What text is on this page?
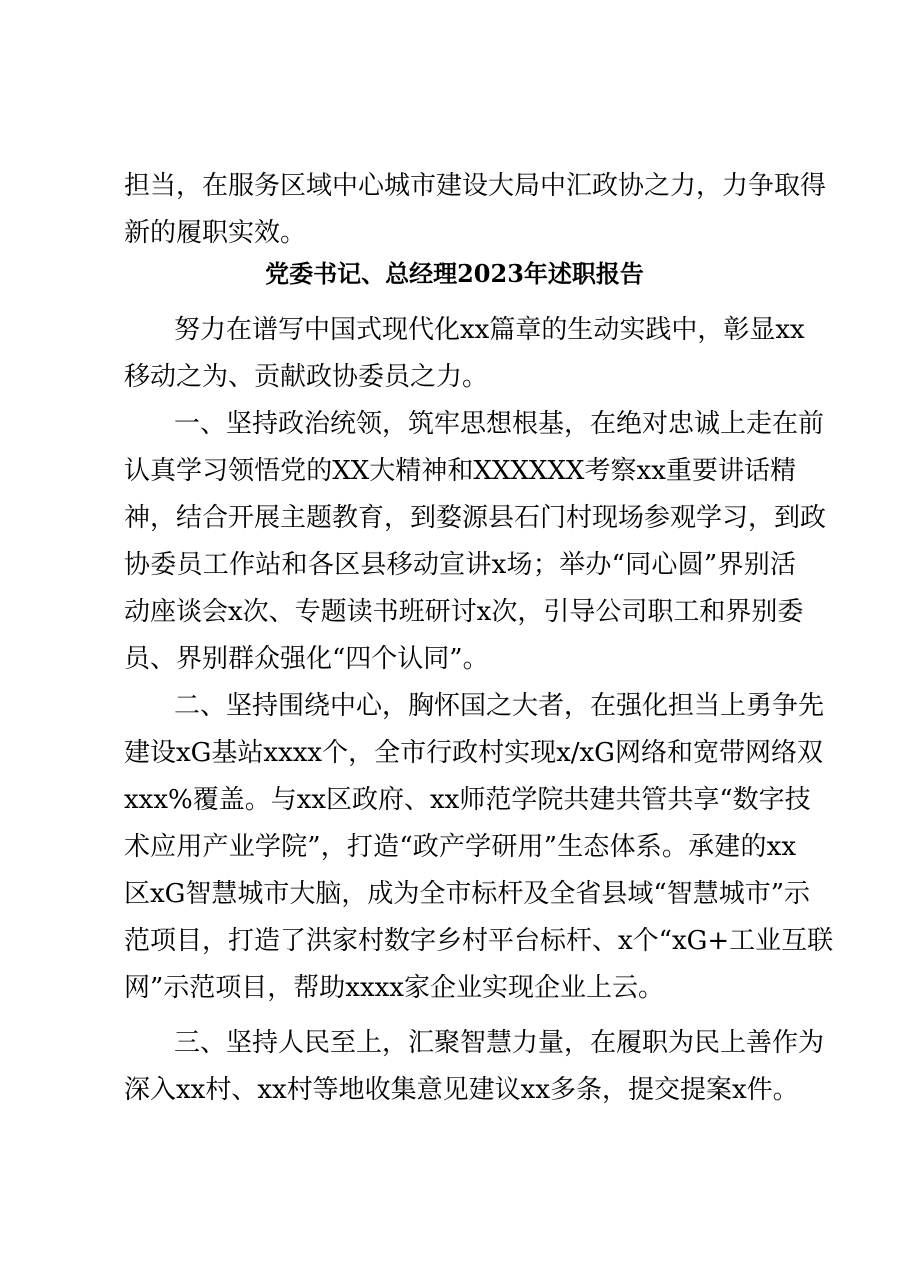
担当，在服务区域中心城市建设大局中汇政协之力，力争取得
新的履职实效。
党委书记、总经理2023年述职报告
努力在谱写中国式现代化xx篇章的生动实践中，彰显xx
移动之为、贡献政协委员之力。
一、坚持政治统领，筑牢思想根基，在绝对忠诚上走在前
认真学习领悟党的XX大精神和XXXXXX考察xx重要讲话精
神，结合开展主题教育，到婺源县石门村现场参观学习，到政
协委员工作站和各区县移动宣讲x场；举办“同心圆”界别活
动座谈会x次、专题读书班研讨x次，引导公司职工和界别委
员、界别群众强化“四个认同”。
二、坚持围绕中心，胸怀国之大者，在强化担当上勇争先
建设xG基站xxxx个，全市行政村实现x/xG网络和宽带网络双
xxx%覆盖。与xx区政府、xx师范学院共建共管共享“数字技
术应用产业学院”，打造“政产学研用”生态体系。承建的xx
区xG智慧城市大脑，成为全市标杆及全省县域“智慧城市”示
范项目，打造了洪家村数字乡村平台标杆、x个“xG+工业互联
网”示范项目，帮助xxxx家企业实现企业上云。
三、坚持人民至上，汇聚智慧力量，在履职为民上善作为
深入xx村、xx村等地收集意见建议xx多条，提交提案x件。
